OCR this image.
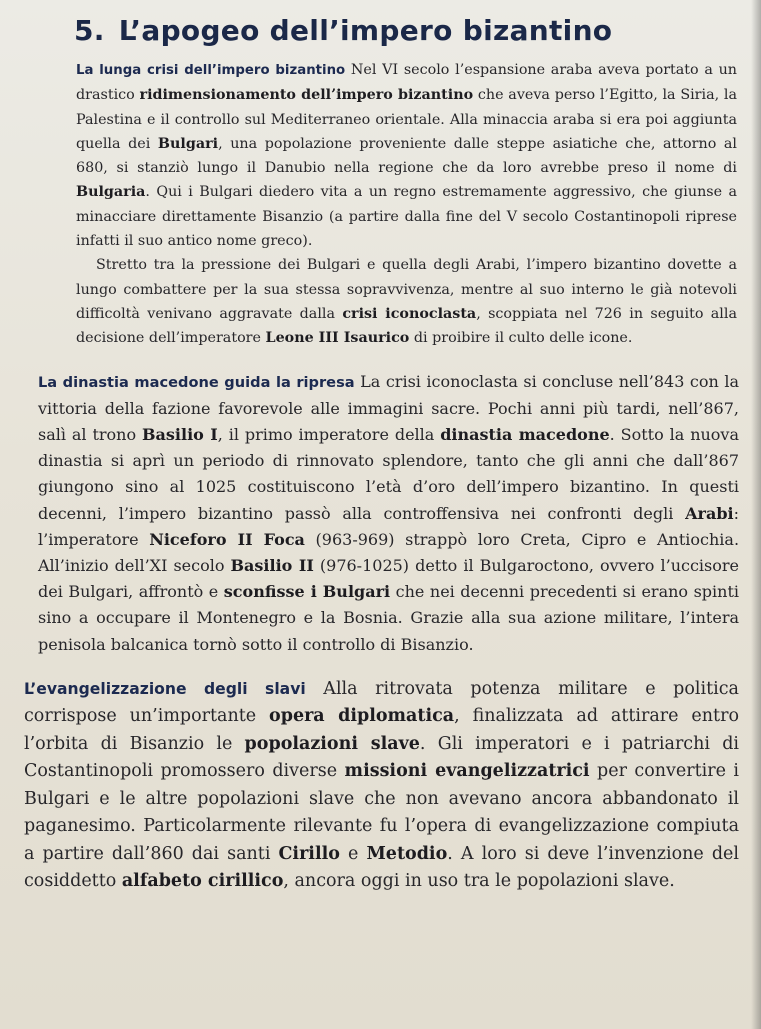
5. L’apogeo dell’impero bizantino

La lunga crisi dell’impero bizantino Nel VI secolo l’espansione araba aveva portato a un drastico ridimensionamento dell’impero bizantino che aveva perso l’Egitto, la Siria, la Palestina e il controllo sul Mediterraneo orientale. Alla minaccia araba si era poi aggiunta quella dei Bulgari, una popolazione proveniente dalle steppe asiatiche che, attorno al 680, si stanziò lungo il Danubio nella regione che da loro avrebbe preso il nome di Bulgaria. Qui i Bulgari diedero vita a un regno estremamente aggressivo, che giunse a minacciare direttamente Bisanzio (a partire dalla fine del V secolo Costantinopoli riprese infatti il suo antico nome greco).

Stretto tra la pressione dei Bulgari e quella degli Arabi, l’impero bizantino dovette a lungo combattere per la sua stessa sopravvivenza, mentre al suo interno le già notevoli difficoltà venivano aggravate dalla crisi iconoclasta, scoppiata nel 726 in seguito alla decisione dell’imperatore Leone III Isaurico di proibire il culto delle icone.

La dinastia macedone guida la ripresa La crisi iconoclasta si concluse nell’843 con la vittoria della fazione favorevole alle immagini sacre. Pochi anni più tardi, nell’867, salì al trono Basilio I, il primo imperatore della dinastia macedone. Sotto la nuova dinastia si aprì un periodo di rinnovato splendore, tanto che gli anni che dall’867 giungono sino al 1025 costituiscono l’età d’oro dell’impero bizantino. In questi decenni, l’impero bizantino passò alla controffensiva nei confronti degli Arabi: l’imperatore Niceforo II Foca (963-969) strappò loro Creta, Cipro e Antiochia. All’inizio dell’XI secolo Basilio II (976-1025) detto il Bulgaroctono, ovvero l’uccisore dei Bulgari, affrontò e sconfisse i Bulgari che nei decenni precedenti si erano spinti sino a occupare il Montenegro e la Bosnia. Grazie alla sua azione militare, l’intera penisola balcanica tornò sotto il controllo di Bisanzio.

L’evangelizzazione degli slavi Alla ritrovata potenza militare e politica corrispose un’importante opera diplomatica, finalizzata ad attirare entro l’orbita di Bisanzio le popolazioni slave. Gli imperatori e i patriarchi di Costantinopoli promossero diverse missioni evangelizzatrici per convertire i Bulgari e le altre popolazioni slave che non avevano ancora abbandonato il paganesimo. Particolarmente rilevante fu l’opera di evangelizzazione compiuta a partire dall’860 dai santi Cirillo e Metodio. A loro si deve l’invenzione del cosiddetto alfabeto cirillico, ancora oggi in uso tra le popolazioni slave.
